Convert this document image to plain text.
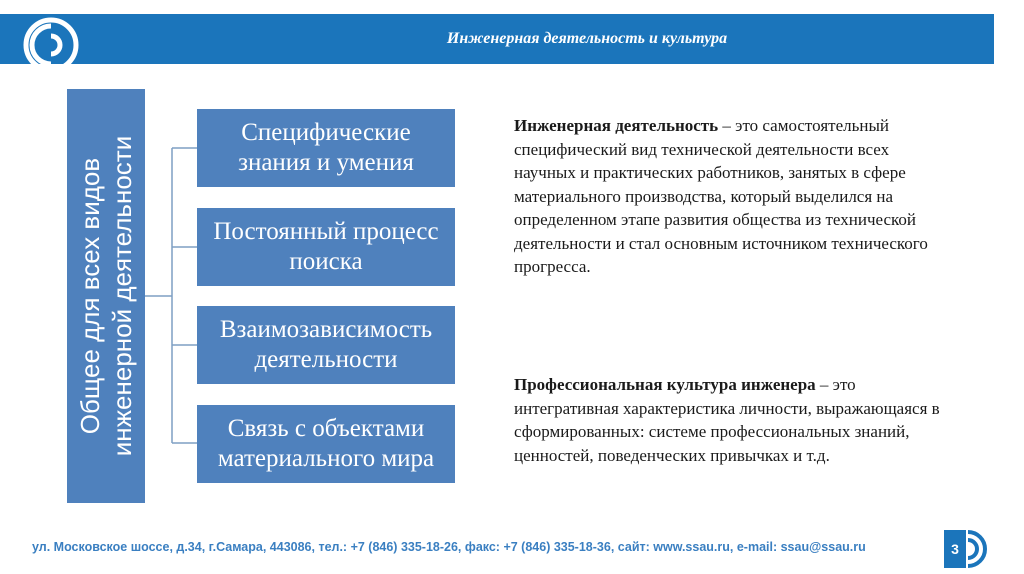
Инженерная деятельность и культура
Общее для всех видов инженерной деятельности
Специфические знания и умения
Постоянный процесс поиска
Взаимозависимость деятельности
Связь с объектами материального мира
Инженерная деятельность – это самостоятельный специфический вид технической деятельности всех научных и практических работников, занятых в сфере материального производства, который выделился на определенном этапе развития общества из технической деятельности и стал основным источником технического прогресса.
Профессиональная культура инженера – это интегративная характеристика личности, выражающаяся в сформированных: системе профессиональных знаний, ценностей, поведенческих привычках и т.д.
ул. Московское шоссе, д.34, г.Самара, 443086, тел.: +7 (846) 335-18-26, факс: +7 (846) 335-18-36, сайт: www.ssau.ru, e-mail: ssau@ssau.ru	3
